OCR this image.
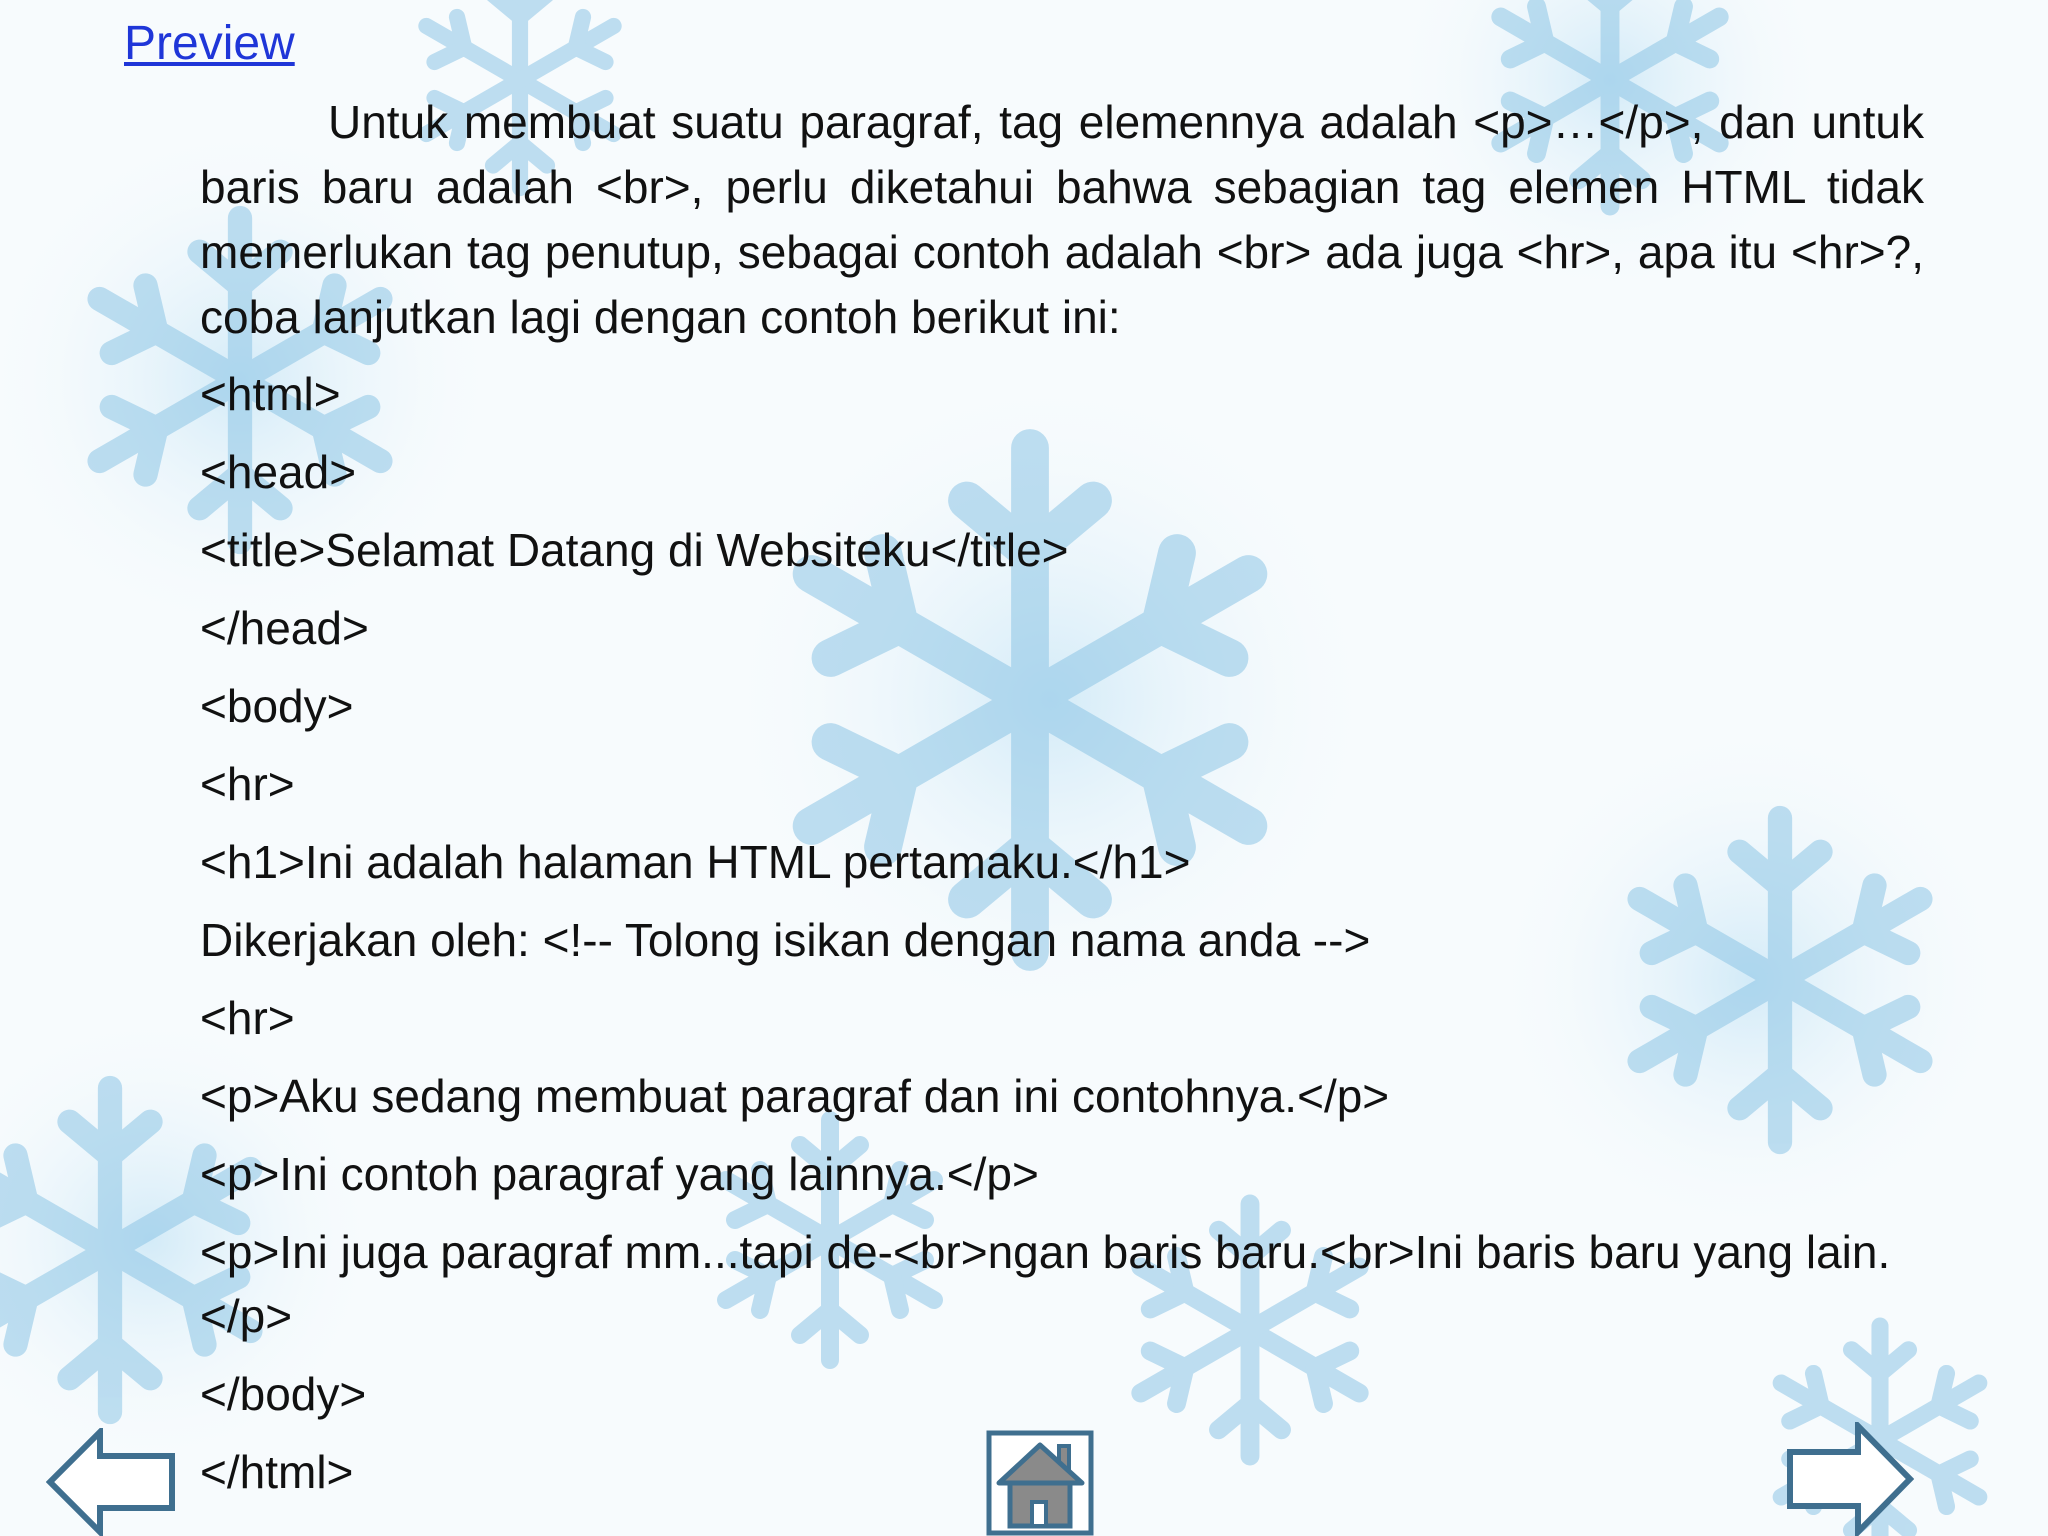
Preview

Untuk membuat suatu paragraf, tag elemennya adalah <p>…</p>, dan untuk baris baru adalah <br>, perlu diketahui bahwa sebagian tag elemen HTML tidak memerlukan tag penutup, sebagai contoh adalah <br> ada juga <hr>, apa itu <hr>?, coba lanjutkan lagi dengan contoh berikut ini:

<html>
<head>
<title>Selamat Datang di Websiteku</title>
</head>
<body>
<hr>
<h1>Ini adalah halaman HTML pertamaku.</h1>
Dikerjakan oleh: <!-- Tolong isikan dengan nama anda -->
<hr>
<p>Aku sedang membuat paragraf dan ini contohnya.</p>
<p>Ini contoh paragraf yang lainnya.</p>
<p>Ini juga paragraf mm...tapi de-<br>ngan baris baru.<br>Ini baris baru yang lain.</p>
</body>
</html>
